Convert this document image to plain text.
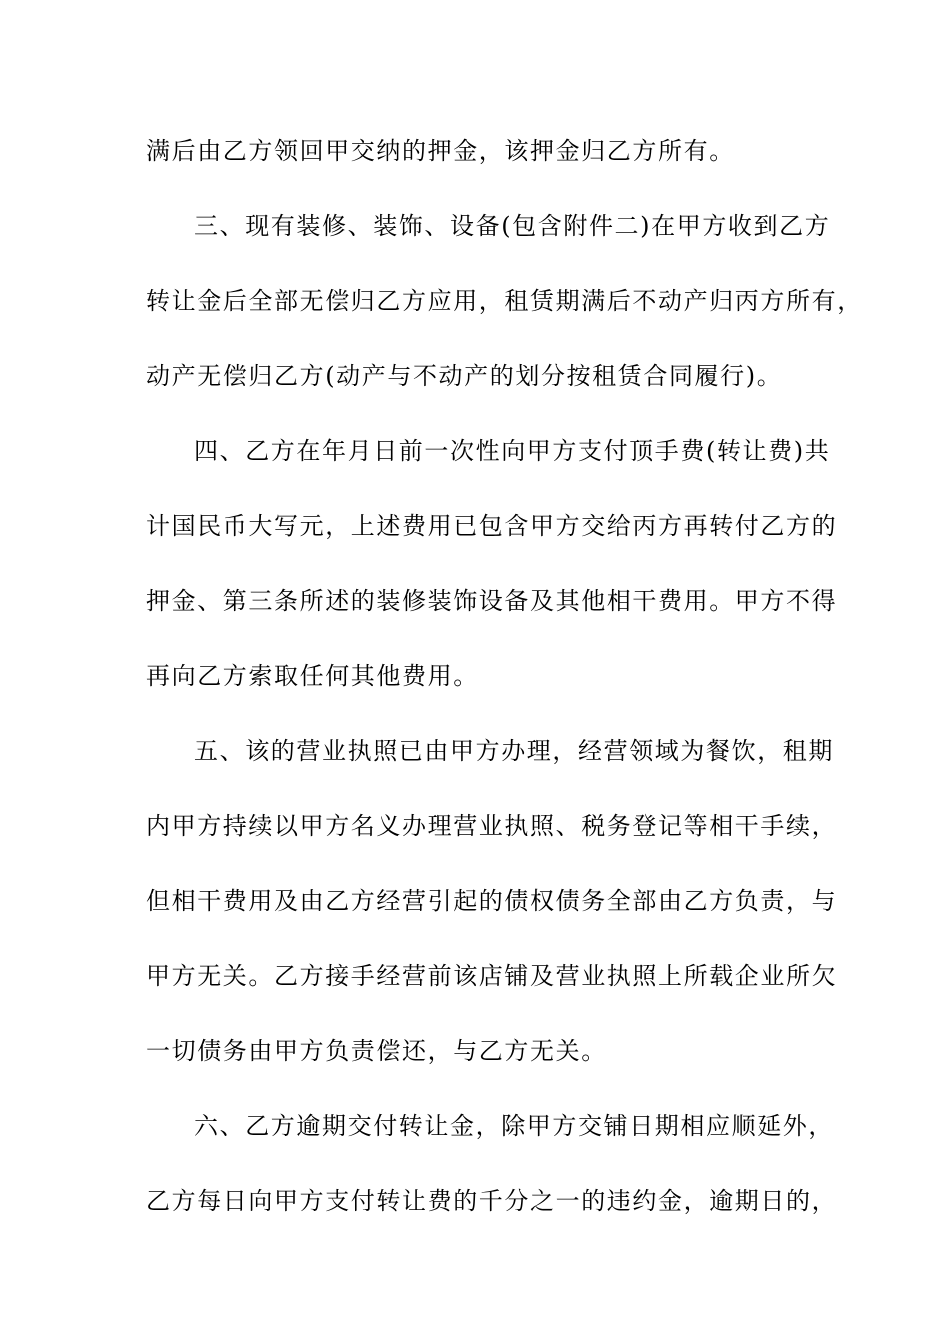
满后由乙方领回甲交纳的押金，该押金归乙方所有。
三、现有装修、装饰、设备(包含附件二)在甲方收到乙方
转让金后全部无偿归乙方应用，租赁期满后不动产归丙方所有，
动产无偿归乙方(动产与不动产的划分按租赁合同履行)。
四、乙方在年月日前一次性向甲方支付顶手费(转让费)共
计国民币大写元，上述费用已包含甲方交给丙方再转付乙方的
押金、第三条所述的装修装饰设备及其他相干费用。甲方不得
再向乙方索取任何其他费用。
五、该的营业执照已由甲方办理，经营领域为餐饮，租期
内甲方持续以甲方名义办理营业执照、税务登记等相干手续，
但相干费用及由乙方经营引起的债权债务全部由乙方负责，与
甲方无关。乙方接手经营前该店铺及营业执照上所载企业所欠
一切债务由甲方负责偿还，与乙方无关。
六、乙方逾期交付转让金，除甲方交铺日期相应顺延外，
乙方每日向甲方支付转让费的千分之一的违约金，逾期日的，
